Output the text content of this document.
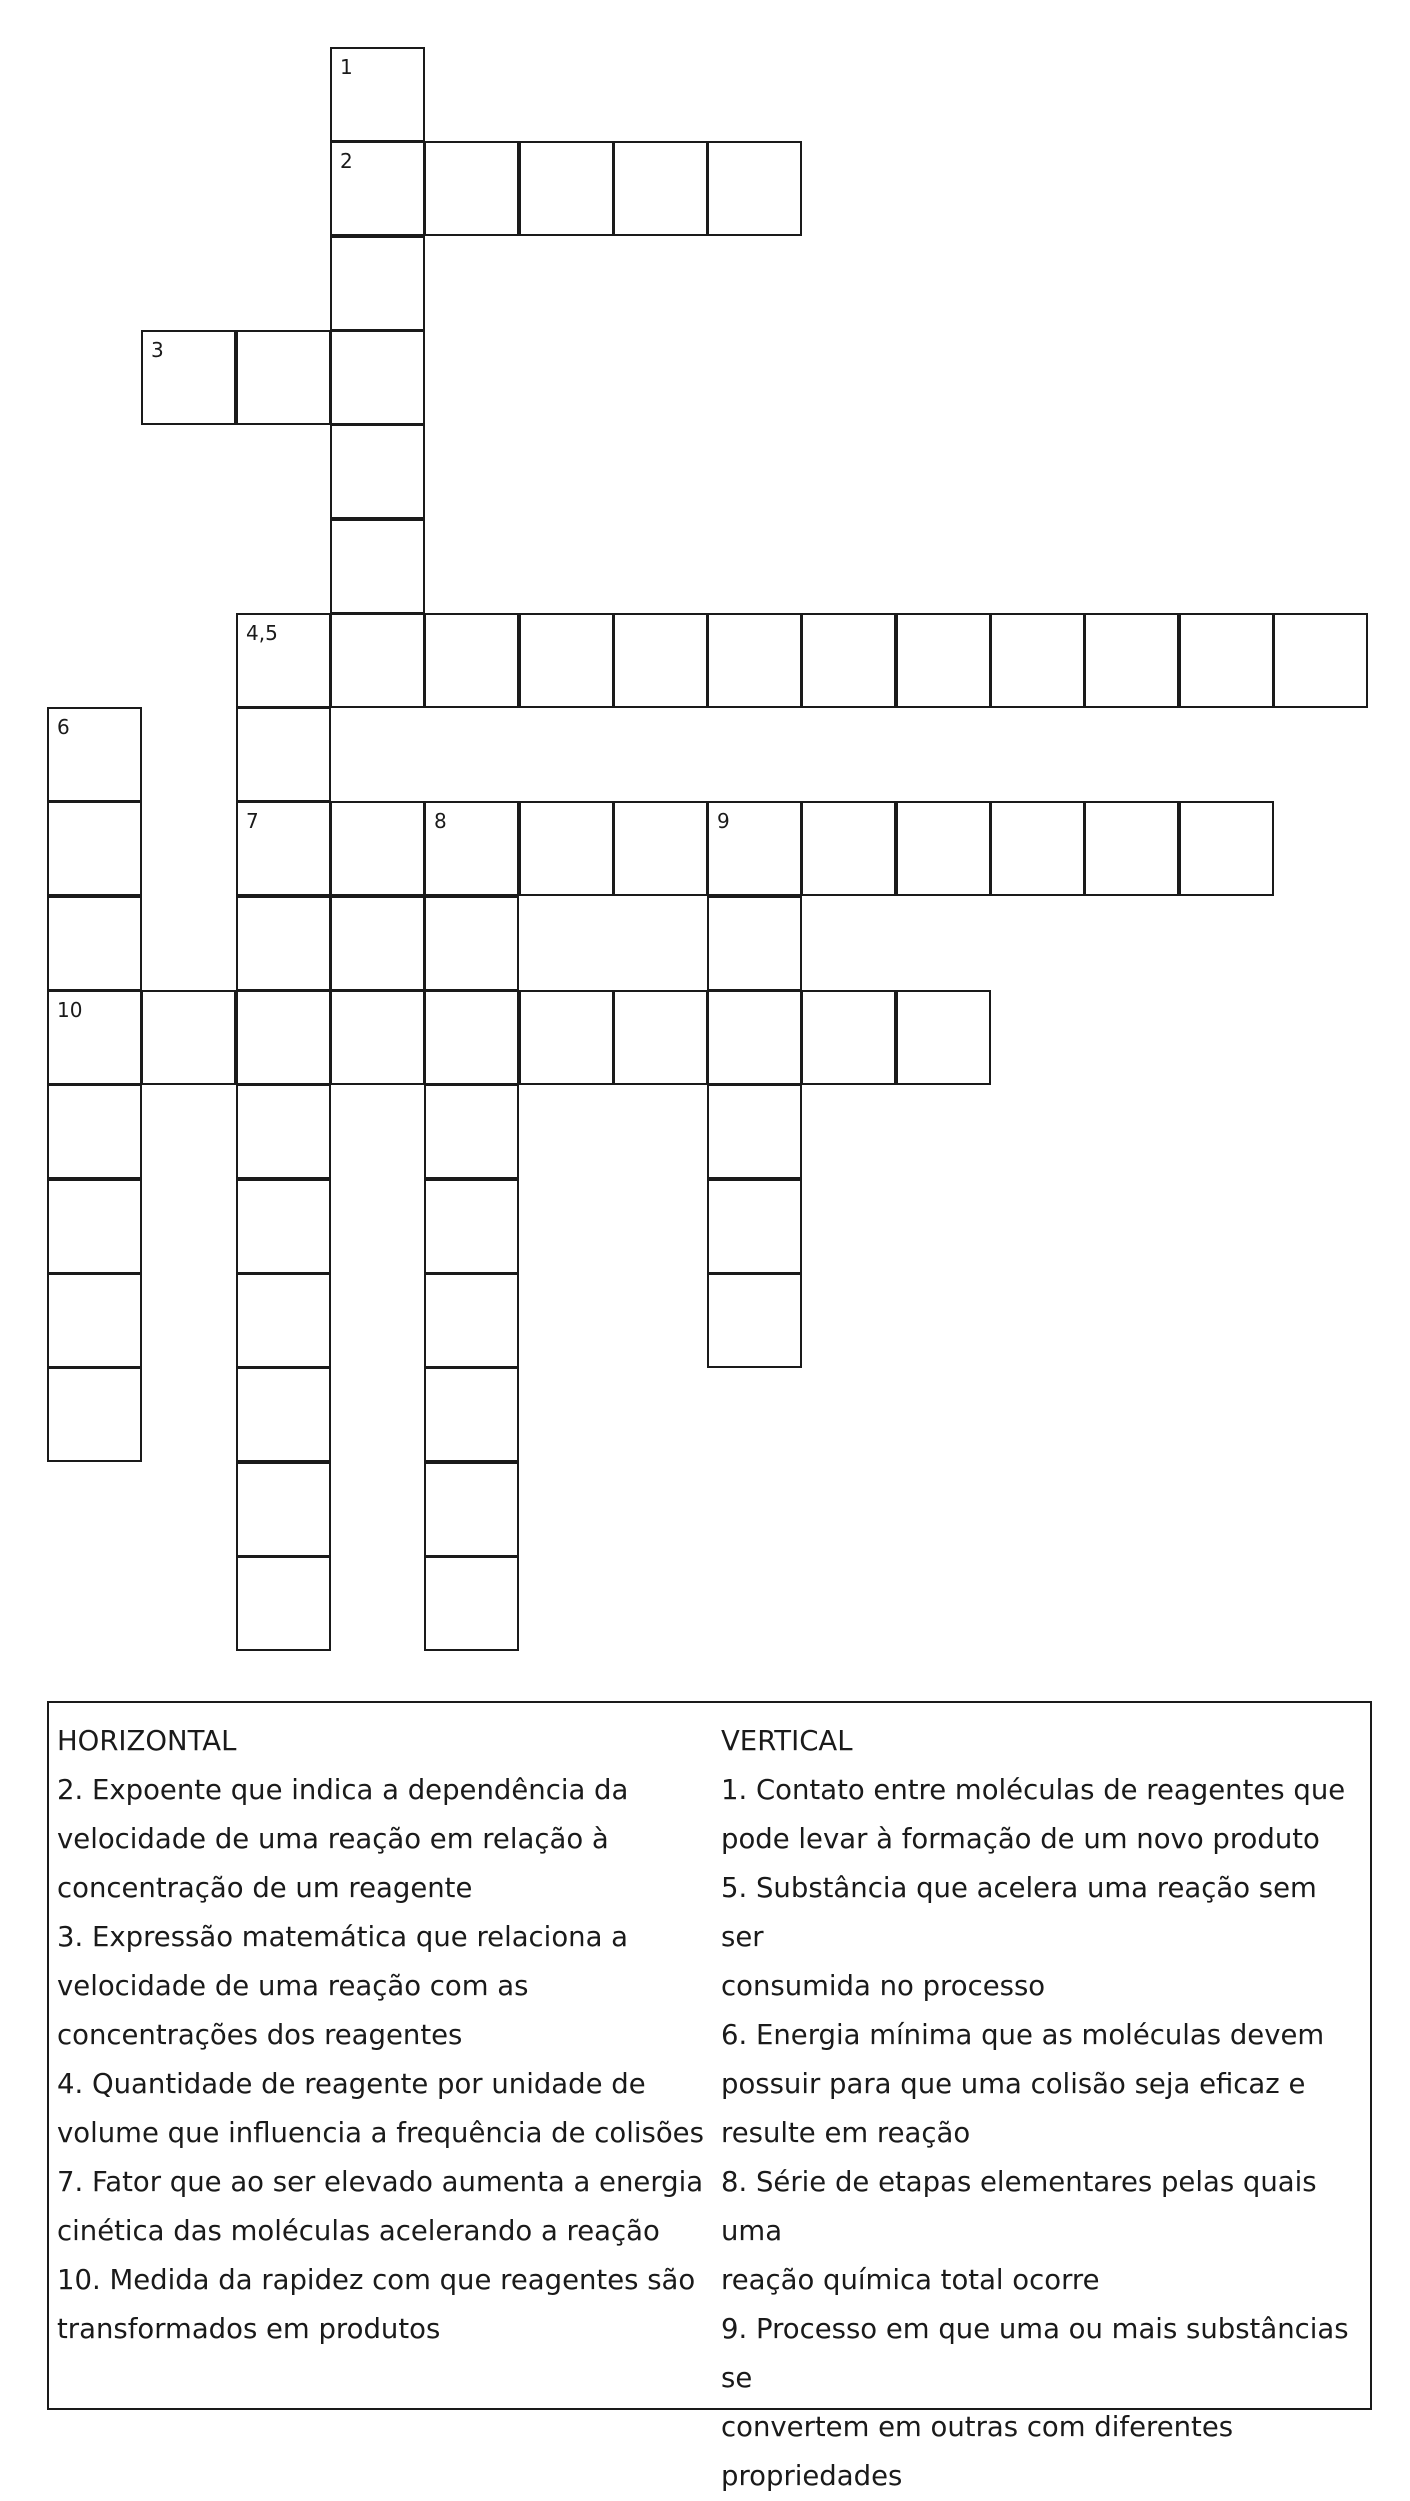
1
2
3
4,5
6
7	8	9
10
HORIZONTAL
2. Expoente que indica a dependência da
velocidade de uma reação em relação à
concentração de um reagente
3. Expressão matemática que relaciona a
velocidade de uma reação com as
concentrações dos reagentes
4. Quantidade de reagente por unidade de
volume que influencia a frequência de colisões
7. Fator que ao ser elevado aumenta a energia
cinética das moléculas acelerando a reação
10. Medida da rapidez com que reagentes são
transformados em produtos
VERTICAL
1. Contato entre moléculas de reagentes que
pode levar à formação de um novo produto
5. Substância que acelera uma reação sem ser
consumida no processo
6. Energia mínima que as moléculas devem
possuir para que uma colisão seja eficaz e
resulte em reação
8. Série de etapas elementares pelas quais uma
reação química total ocorre
9. Processo em que uma ou mais substâncias se
convertem em outras com diferentes
propriedades
